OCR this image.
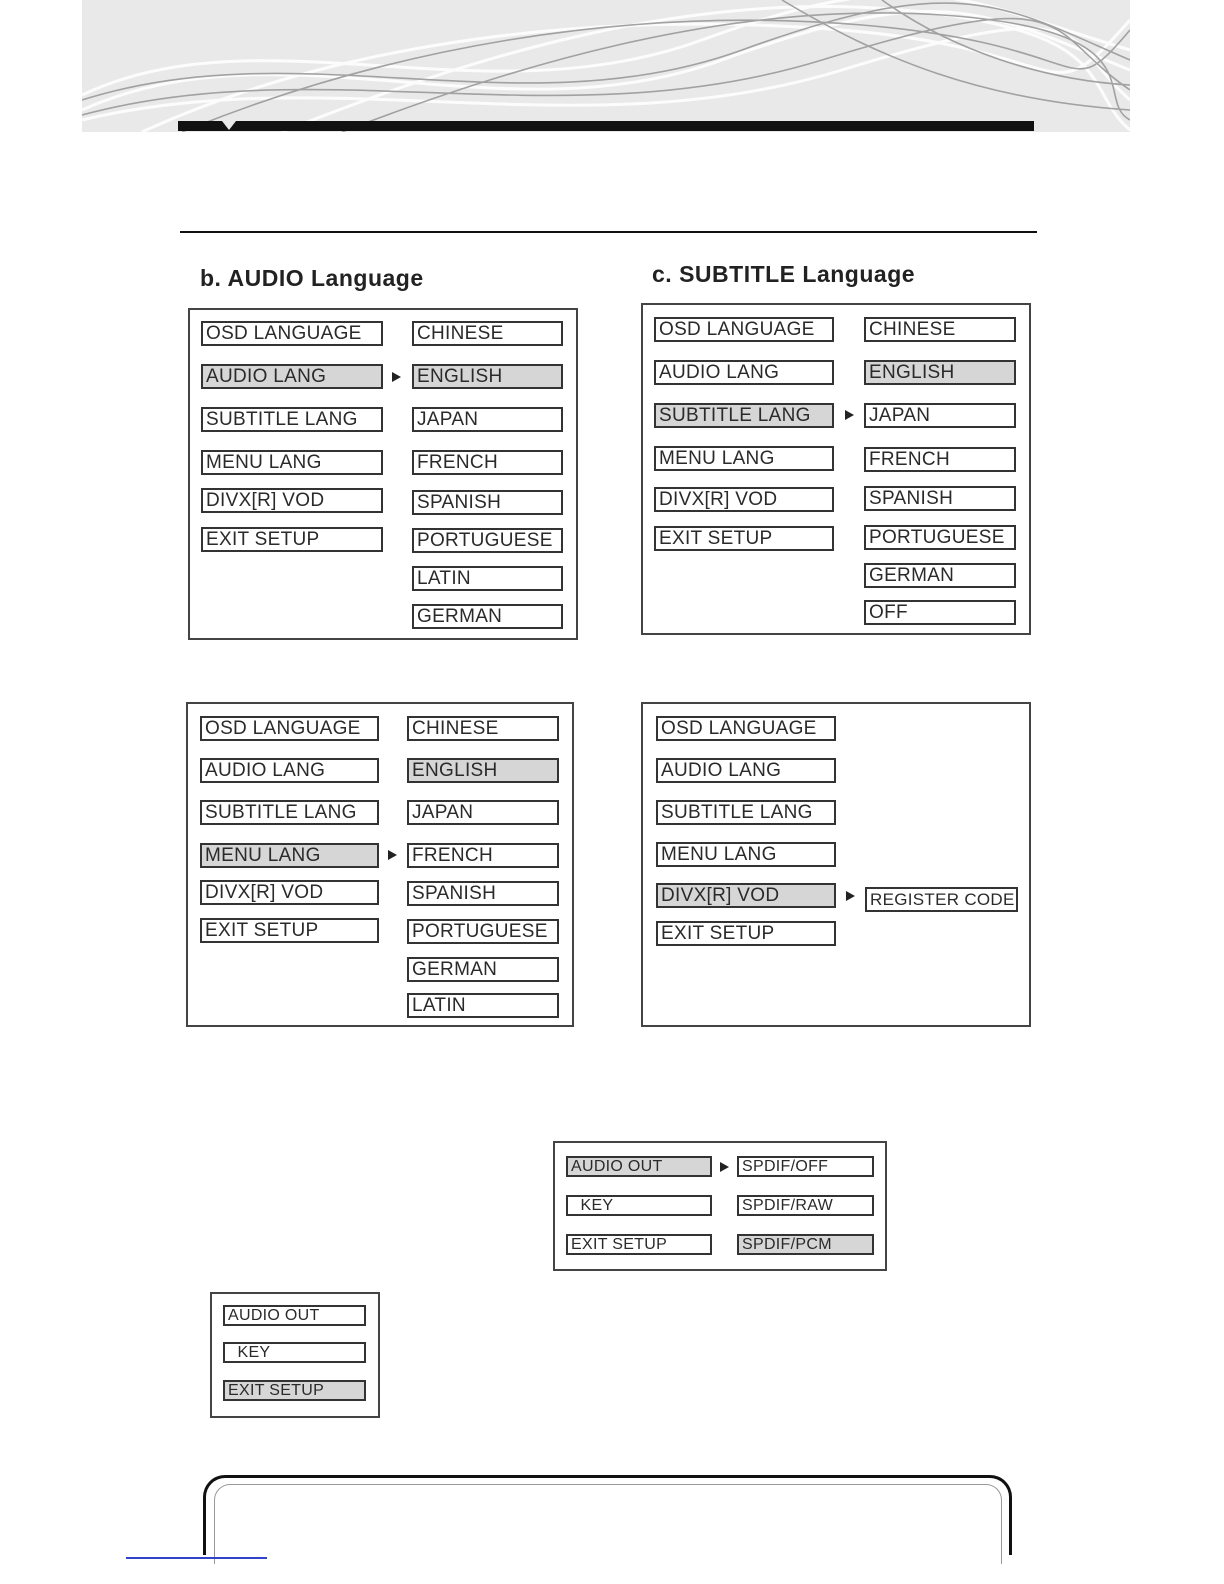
b. AUDIO Language	c. SUBTITLE Language
OSD LANGUAGE
AUDIO LANG
SUBTITLE LANG
MENU LANG
DIVX[R] VOD
EXIT SETUP
CHINESE
ENGLISH
JAPAN
FRENCH
SPANISH
PORTUGUESE
LATIN
GERMAN
OSD LANGUAGE
AUDIO LANG
SUBTITLE LANG
MENU LANG
DIVX[R] VOD
EXIT SETUP
CHINESE
ENGLISH
JAPAN
FRENCH
SPANISH
PORTUGUESE
GERMAN
OFF
OSD LANGUAGE
AUDIO LANG
SUBTITLE LANG
MENU LANG
DIVX[R] VOD
EXIT SETUP
CHINESE
ENGLISH
JAPAN
FRENCH
SPANISH
PORTUGUESE
GERMAN
LATIN
OSD LANGUAGE
AUDIO LANG
SUBTITLE LANG
MENU LANG
DIVX[R] VOD
EXIT SETUP
REGISTER CODE
AUDIO OUT
KEY
EXIT SETUP
SPDIF/OFF
SPDIF/RAW
SPDIF/PCM
AUDIO OUT
KEY
EXIT SETUP
